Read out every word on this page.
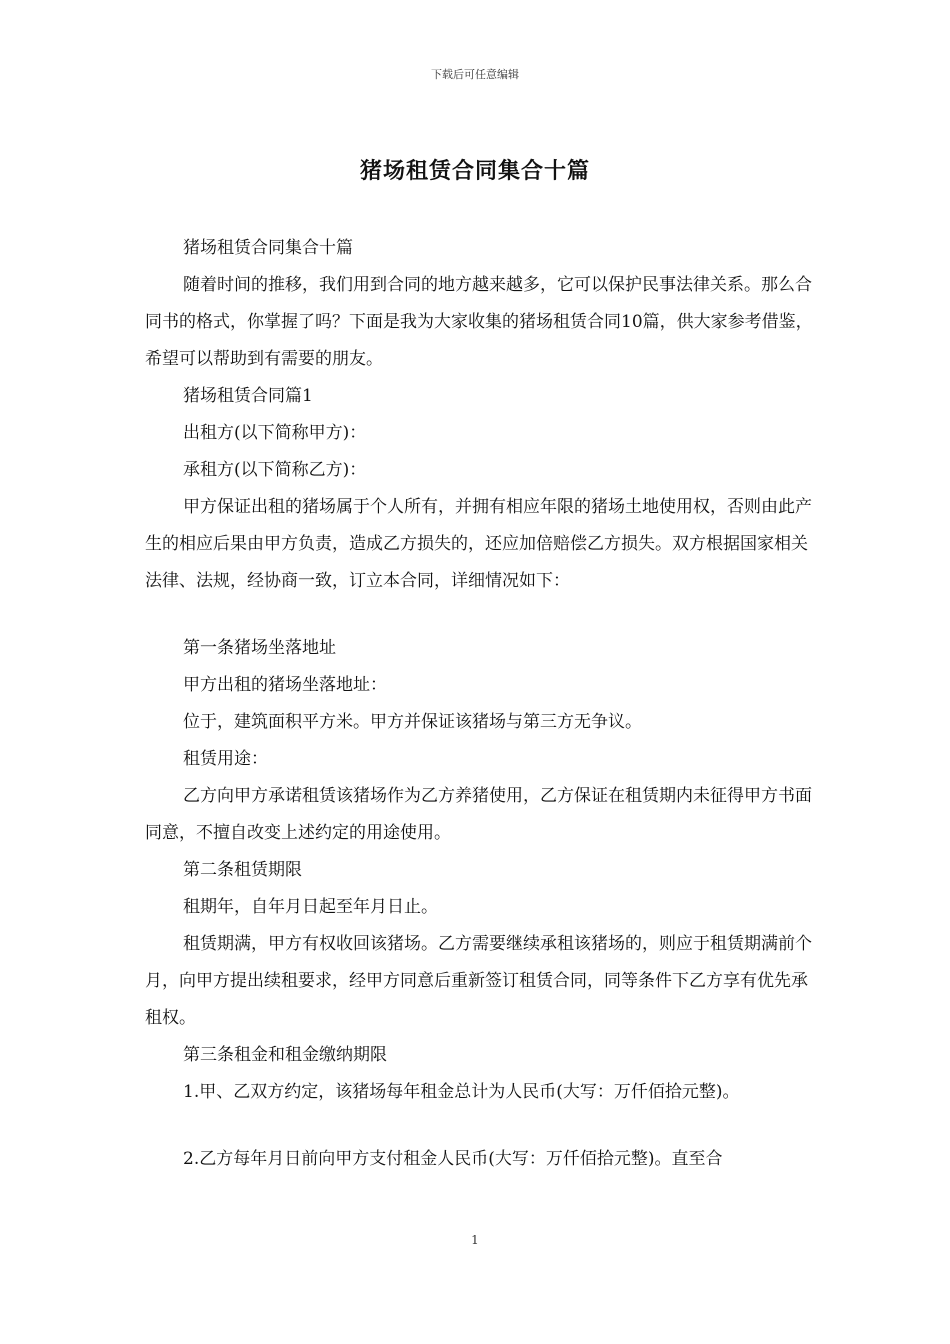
下载后可任意编辑
猪场租赁合同集合十篇

猪场租赁合同集合十篇

随着时间的推移，我们用到合同的地方越来越多，它可以保护民事法律关系。那么合同书的格式，你掌握了吗？下面是我为大家收集的猪场租赁合同10篇，供大家参考借鉴，希望可以帮助到有需要的朋友。

猪场租赁合同篇1

出租方(以下简称甲方)：

承租方(以下简称乙方)：

甲方保证出租的猪场属于个人所有，并拥有相应年限的猪场土地使用权，否则由此产生的相应后果由甲方负责，造成乙方损失的，还应加倍赔偿乙方损失。双方根据国家相关法律、法规，经协商一致，订立本合同，详细情况如下：

第一条猪场坐落地址

甲方出租的猪场坐落地址：

位于，建筑面积平方米。甲方并保证该猪场与第三方无争议。

租赁用途：

乙方向甲方承诺租赁该猪场作为乙方养猪使用，乙方保证在租赁期内未征得甲方书面同意，不擅自改变上述约定的用途使用。

第二条租赁期限

租期年，自年月日起至年月日止。

租赁期满，甲方有权收回该猪场。乙方需要继续承租该猪场的，则应于租赁期满前个月，向甲方提出续租要求，经甲方同意后重新签订租赁合同，同等条件下乙方享有优先承租权。

第三条租金和租金缴纳期限

1.甲、乙双方约定，该猪场每年租金总计为人民币(大写：万仟佰拾元整)。

2.乙方每年月日前向甲方支付租金人民币(大写：万仟佰拾元整)。直至合

1
